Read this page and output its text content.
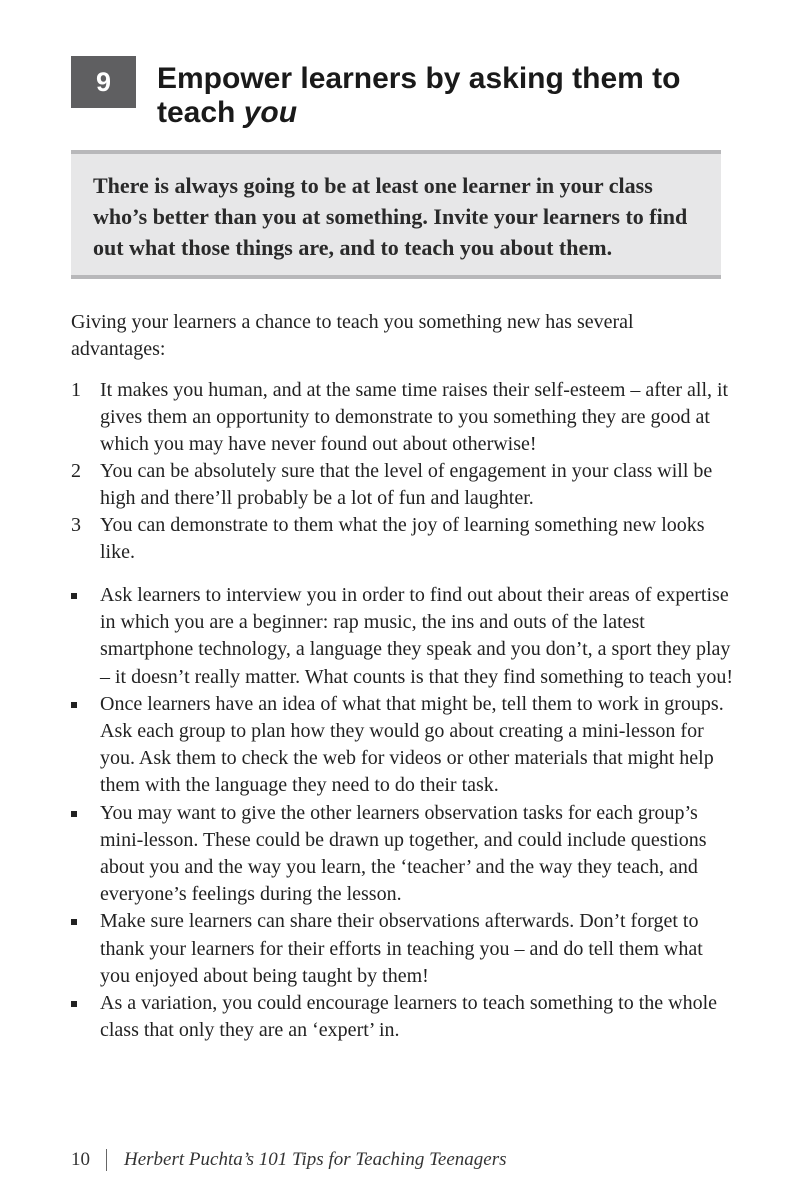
9 Empower learners by asking them to teach you

There is always going to be at least one learner in your class who’s better than you at something. Invite your learners to find out what those things are, and to teach you about them.

Giving your learners a chance to teach you something new has several advantages:

1 It makes you human, and at the same time raises their self-esteem – after all, it gives them an opportunity to demonstrate to you something they are good at which you may have never found out about otherwise!
2 You can be absolutely sure that the level of engagement in your class will be high and there’ll probably be a lot of fun and laughter.
3 You can demonstrate to them what the joy of learning something new looks like.
Ask learners to interview you in order to find out about their areas of expertise in which you are a beginner: rap music, the ins and outs of the latest smartphone technology, a language they speak and you don’t, a sport they play – it doesn’t really matter. What counts is that they find something to teach you!
Once learners have an idea of what that might be, tell them to work in groups. Ask each group to plan how they would go about creating a mini-lesson for you. Ask them to check the web for videos or other materials that might help them with the language they need to do their task.
You may want to give the other learners observation tasks for each group’s mini-lesson. These could be drawn up together, and could include questions about you and the way you learn, the ‘teacher’ and the way they teach, and everyone’s feelings during the lesson.
Make sure learners can share their observations afterwards. Don’t forget to thank your learners for their efforts in teaching you – and do tell them what you enjoyed about being taught by them!
As a variation, you could encourage learners to teach something to the whole class that only they are an ‘expert’ in.
10 Herbert Puchta’s 101 Tips for Teaching Teenagers
